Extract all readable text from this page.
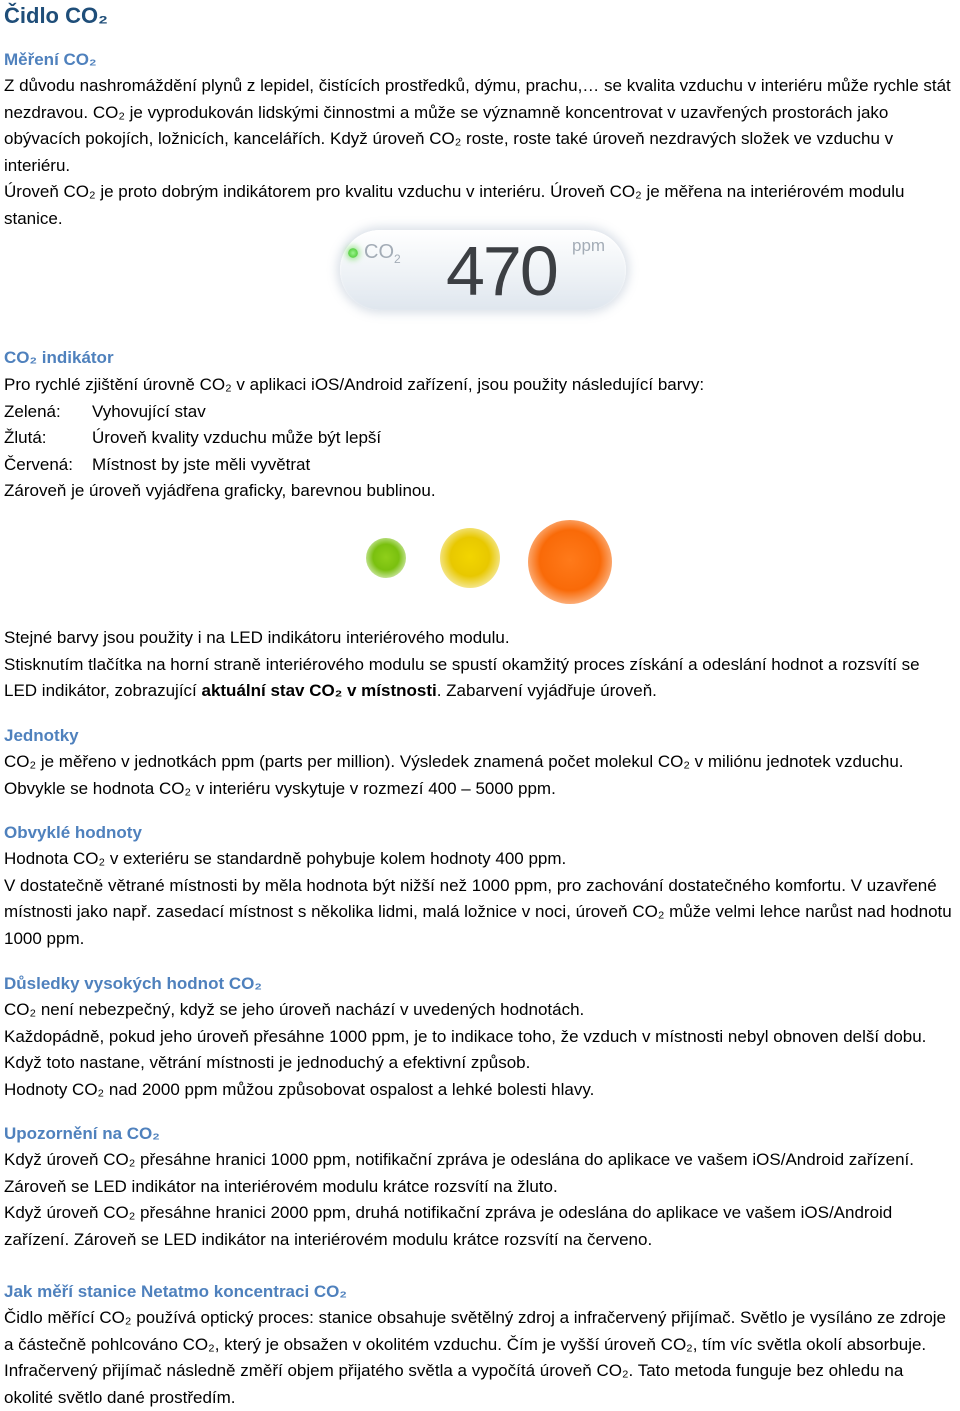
Čidlo CO₂
Měření CO₂

Z důvodu nashromáždění plynů z lepidel, čistících prostředků, dýmu, prachu,… se kvalita vzduchu v interiéru může rychle stát nezdravou. CO₂ je vyprodukován lidskými činnostmi a může se významně koncentrovat v uzavřených prostorách jako obývacích pokojích, ložnicích, kancelářích. Když úroveň CO₂ roste, roste také úroveň nezdravých složek ve vzduchu v interiéru.

Úroveň CO₂ je proto dobrým indikátorem pro kvalitu vzduchu v interiéru. Úroveň CO₂ je měřena na interiérovém modulu stanice.

$CO_2$ 470 ppm
CO₂ indikátor

Pro rychlé zjištění úrovně CO₂ v aplikaci iOS/Android zařízení, jsou použity následující barvy:

Zelená:	Vyhovující stav
Žlutá:	Úroveň kvality vzduchu může být lepší
Červená:	Místnost by jste měli vyvětrat

Zároveň je úroveň vyjádřena graficky, barevnou bublinou.

Stejné barvy jsou použity i na LED indikátoru interiérového modulu.

Stisknutím tlačítka na horní straně interiérového modulu se spustí okamžitý proces získání a odeslání hodnot a rozsvítí se LED indikátor, zobrazující aktuální stav CO₂ v místnosti. Zabarvení vyjádřuje úroveň.

Jednotky

CO₂ je měřeno v jednotkách ppm (parts per million). Výsledek znamená počet molekul CO₂ v miliónu jednotek vzduchu. Obvykle se hodnota CO₂ v interiéru vyskytuje v rozmezí 400 – 5000 ppm.

Obvyklé hodnoty

Hodnota CO₂ v exteriéru se standardně pohybuje kolem hodnoty 400 ppm.

V dostatečně větrané místnosti by měla hodnota být nižší než 1000 ppm, pro zachování dostatečného komfortu. V uzavřené místnosti jako např. zasedací místnost s několika lidmi, malá ložnice v noci, úroveň CO₂ může velmi lehce narůst nad hodnotu 1000 ppm.

Důsledky vysokých hodnot CO₂

CO₂ není nebezpečný, když se jeho úroveň nachází v uvedených hodnotách.

Každopádně, pokud jeho úroveň přesáhne 1000 ppm, je to indikace toho, že vzduch v místnosti nebyl obnoven delší dobu. Když toto nastane, větrání místnosti je jednoduchý a efektivní způsob.

Hodnoty CO₂ nad 2000 ppm můžou způsobovat ospalost a lehké bolesti hlavy.

Upozornění na CO₂

Když úroveň CO₂ přesáhne hranici 1000 ppm, notifikační zpráva je odeslána do aplikace ve vašem iOS/Android zařízení. Zároveň se LED indikátor na interiérovém modulu krátce rozsvítí na žluto.

Když úroveň CO₂ přesáhne hranici 2000 ppm, druhá notifikační zpráva je odeslána do aplikace ve vašem iOS/Android zařízení. Zároveň se LED indikátor na interiérovém modulu krátce rozsvítí na červeno.

Jak měří stanice Netatmo koncentraci CO₂

Čidlo měřící CO₂ používá optický proces: stanice obsahuje světělný zdroj a infračervený přijímač. Světlo je vysíláno ze zdroje a částečně pohlcováno CO₂, který je obsažen v okolitém vzduchu. Čím je vyšší úroveň CO₂, tím víc světla okolí absorbuje. Infračervený přijímač následně změří objem přijatého světla a vypočítá úroveň CO₂. Tato metoda funguje bez ohledu na okolité světlo dané prostředím.
